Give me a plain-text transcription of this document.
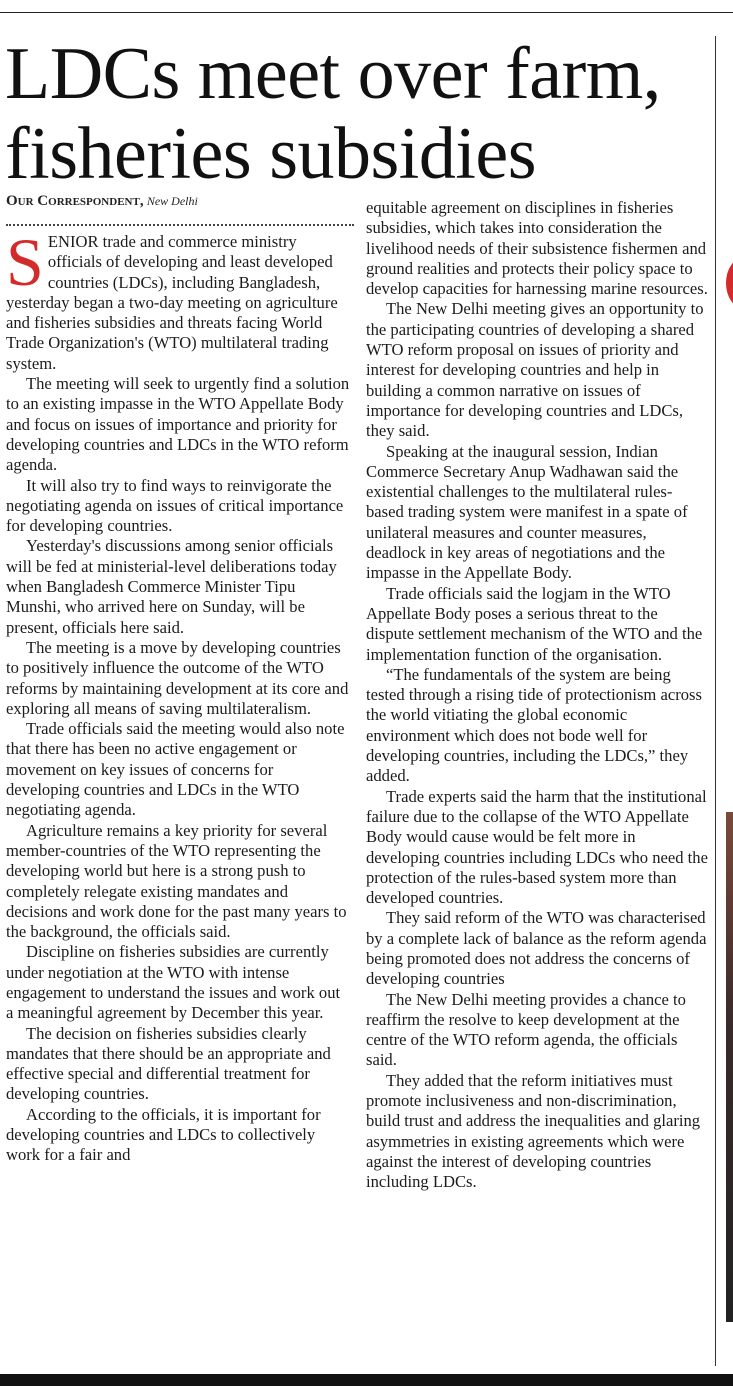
LDCs meet over farm,
fisheries subsidies
Our Correspondent, New Delhi

SENIOR trade and commerce ministry officials of developing and least developed countries (LDCs), including Bangladesh, yesterday began a two-day meeting on agriculture and fisheries subsidies and threats facing World Trade Organization's (WTO) multilateral trading system.

The meeting will seek to urgently find a solution to an existing impasse in the WTO Appellate Body and focus on issues of importance and priority for developing countries and LDCs in the WTO reform agenda.

It will also try to find ways to reinvigorate the negotiating agenda on issues of critical importance for developing countries.

Yesterday's discussions among senior officials will be fed at ministerial-level deliberations today when Bangladesh Commerce Minister Tipu Munshi, who arrived here on Sunday, will be present, officials here said.

The meeting is a move by developing countries to positively influence the outcome of the WTO reforms by maintaining development at its core and exploring all means of saving multilateralism.

Trade officials said the meeting would also note that there has been no active engagement or movement on key issues of concerns for developing countries and LDCs in the WTO negotiating agenda.

Agriculture remains a key priority for several member-countries of the WTO representing the developing world but here is a strong push to completely relegate existing mandates and decisions and work done for the past many years to the background, the officials said.

Discipline on fisheries subsidies are currently under negotiation at the WTO with intense engagement to understand the issues and work out a meaningful agreement by December this year.

The decision on fisheries subsidies clearly mandates that there should be an appropriate and effective special and differential treatment for developing countries.

According to the officials, it is important for developing countries and LDCs to collectively work for a fair and

equitable agreement on disciplines in fisheries subsidies, which takes into consideration the livelihood needs of their subsistence fishermen and ground realities and protects their policy space to develop capacities for harnessing marine resources.

The New Delhi meeting gives an opportunity to the participating countries of developing a shared WTO reform proposal on issues of priority and interest for developing countries and help in building a common narrative on issues of importance for developing countries and LDCs, they said.

Speaking at the inaugural session, Indian Commerce Secretary Anup Wadhawan said the existential challenges to the multilateral rules-based trading system were manifest in a spate of unilateral measures and counter measures, deadlock in key areas of negotiations and the impasse in the Appellate Body.

Trade officials said the logjam in the WTO Appellate Body poses a serious threat to the dispute settlement mechanism of the WTO and the implementation function of the organisation.

“The fundamentals of the system are being tested through a rising tide of protectionism across the world vitiating the global economic environment which does not bode well for developing countries, including the LDCs,” they added.

Trade experts said the harm that the institutional failure due to the collapse of the WTO Appellate Body would cause would be felt more in developing countries including LDCs who need the protection of the rules-based system more than developed countries.

They said reform of the WTO was characterised by a complete lack of balance as the reform agenda being promoted does not address the concerns of developing countries

The New Delhi meeting provides a chance to reaffirm the resolve to keep development at the centre of the WTO reform agenda, the officials said.

They added that the reform initiatives must promote inclusiveness and non-discrimination, build trust and address the inequalities and glaring asymmetries in existing agreements which were against the interest of developing countries including LDCs.
